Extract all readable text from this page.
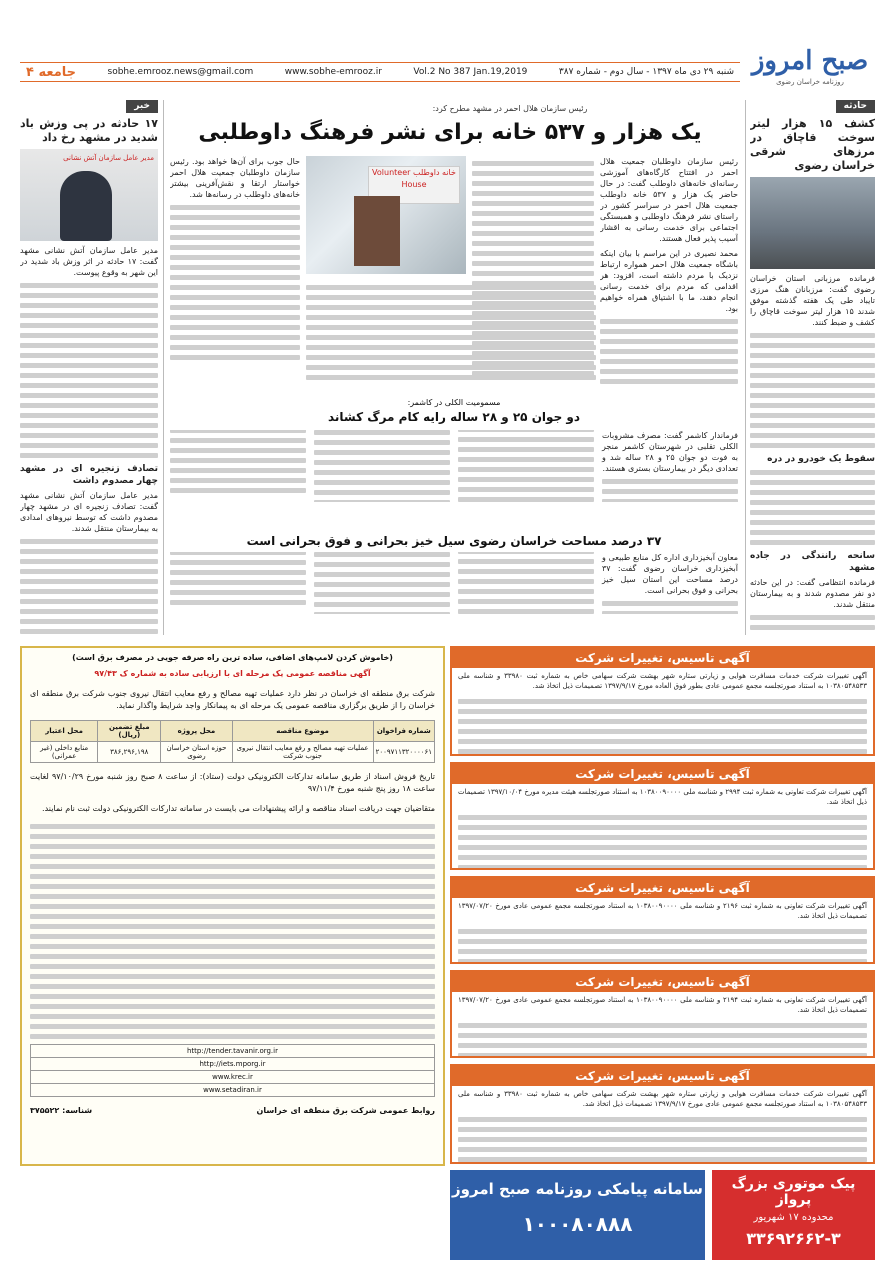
صبح امروز
روزنامه خراسان رضوی
شنبه ۲۹ دی ماه ۱۳۹۷ - سال دوم - شماره ۳۸۷
Vol.2 No 387 Jan.19,2019
www.sobhe-emrooz.ir
sobhe.emrooz.news@gmail.com
جامعه ۴
حادثه
کشف ۱۵ هزار لیتر سوخت قاچاق در مرزهای شرقی خراسان رضوی
فرمانده مرزبانی استان خراسان رضوی گفت: مرزبانان هنگ مرزی تایباد طی یک هفته گذشته موفق شدند ۱۵ هزار لیتر سوخت قاچاق را کشف و ضبط کنند.
سقوط یک خودرو در دره
سانحه رانندگی در جاده مشهد
فرمانده انتظامی گفت: در این حادثه دو نفر مصدوم شدند و به بیمارستان منتقل شدند.
رئیس سازمان هلال احمر در مشهد مطرح کرد:
یک هزار و ۵۳۷ خانه برای نشر فرهنگ داوطلبی
رئیس سازمان داوطلبان جمعیت هلال احمر در افتتاح کارگاه‌های آموزشی رسانه‌ای خانه‌های داوطلب گفت: در حال حاضر یک هزار و ۵۳۷ خانه داوطلب جمعیت هلال احمر در سراسر کشور در راستای نشر فرهنگ داوطلبی و همبستگی اجتماعی برای خدمت رسانی به اقشار آسیب پذیر فعال هستند.
محمد نصیری در این مراسم با بیان اینکه باشگاه جمعیت هلال احمر همواره ارتباط نزدیک با مردم داشته است، افزود: هر اقدامی که مردم برای خدمت رسانی انجام دهند، ما با اشتیاق همراه خواهیم بود.
خانه داوطلب Volunteer House
حال جوب برای آن‌ها خواهد بود. رئیس سازمان داوطلبان جمعیت هلال احمر خواستار ارتقا و نقش‌آفرینی بیشتر خانه‌های داوطلب در رسانه‌ها شد.
مسمومیت الکلی در کاشمر:
دو جوان ۲۵ و ۲۸ ساله رایه کام مرگ کشاند
فرماندار کاشمر گفت: مصرف مشروبات الکلی تقلبی در شهرستان کاشمر منجر به فوت دو جوان ۲۵ و ۲۸ ساله شد و تعدادی دیگر در بیمارستان بستری هستند.
۳۷ درصد مساحت خراسان رضوی سیل خیز بحرانی و فوق بحرانی است
معاون آبخیزداری اداره کل منابع طبیعی و آبخیزداری خراسان رضوی گفت: ۳۷ درصد مساحت این استان سیل خیز بحرانی و فوق بحرانی است.
خبر
۱۷ حادثه در پی وزش باد شدید در مشهد رخ داد
مدیر عامل سازمان آتش نشانی
مدیر عامل سازمان آتش نشانی مشهد گفت: ۱۷ حادثه در اثر وزش باد شدید در این شهر به وقوع پیوست.
تصادف زنجیره ای در مشهد چهار مصدوم داشت
مدیر عامل سازمان آتش نشانی مشهد گفت: تصادف زنجیره ای در مشهد چهار مصدوم داشت که توسط نیروهای امدادی به بیمارستان منتقل شدند.
(خاموش کردن لامپ‌های اضافی، ساده ترین راه صرفه جویی در مصرف برق است)
آگهی مناقصه عمومی یک مرحله ای با ارزیابی ساده به شماره ک ۹۷/۴۳
شرکت برق منطقه ای خراسان در نظر دارد عملیات تهیه مصالح و رفع معایب انتقال نیروی جنوب شرکت برق منطقه ای خراسان را از طریق برگزاری مناقصه عمومی یک مرحله ای به پیمانکار واجد شرایط واگذار نماید.
شماره فراخوان	موضوع مناقصه	محل پروژه	مبلغ تضمین (ریال)	محل اعتبار
۲۰۰۹۷۱۱۳۲۰۰۰۰۶۱	عملیات تهیه مصالح و رفع معایب انتقال نیروی جنوب شرکت	حوزه استان خراسان رضوی	۳۸۶,۲۹۶,۱۹۸	منابع داخلی (غیر عمرانی)
تاریخ فروش اسناد از طریق سامانه تدارکات الکترونیکی دولت (ستاد): از ساعت ۸ صبح روز شنبه مورخ ۹۷/۱۰/۲۹ لغایت ساعت ۱۸ روز پنج شنبه مورخ ۹۷/۱۱/۴
متقاضیان جهت دریافت اسناد مناقصه و ارائه پیشنهادات می بایست در سامانه تدارکات الکترونیکی دولت ثبت نام نمایند.
http://tender.tavanir.org.ir
http://iets.mporg.ir
www.krec.ir
www.setadiran.ir
روابط عمومی شرکت برق منطقه ای خراسان
شناسه: ۳۷۵۵۲۲
آگهی تاسیس، تغییرات شرکت
آگهی تغییرات شرکت خدمات مسافرت هوایی و زیارتی ستاره شهر بهشت شرکت سهامی خاص به شماره ثبت ۳۳۹۸۰ و شناسه ملی ۱۰۳۸۰۵۴۸۵۳۳ به استناد صورتجلسه مجمع عمومی عادی بطور فوق العاده مورخ ۱۳۹۷/۹/۱۷ تصمیمات ذیل اتخاذ شد.
آگهی تاسیس، تغییرات شرکت
آگهی تغییرات شرکت تعاونی به شماره ثبت ۲۹۹۴ و شناسه ملی ۱۰۳۸۰۰۹۰۰۰۰ به استناد صورتجلسه هیئت مدیره مورخ ۱۳۹۷/۱۰/۰۴ تصمیمات ذیل اتخاذ شد.
آگهی تاسیس، تغییرات شرکت
آگهی تغییرات شرکت تعاونی به شماره ثبت ۲۱۹۶ و شناسه ملی ۱۰۳۸۰۰۹۰۰۰۰ به استناد صورتجلسه مجمع عمومی عادی مورخ ۱۳۹۷/۰۷/۲۰ تصمیمات ذیل اتخاذ شد.
آگهی تاسیس، تغییرات شرکت
آگهی تغییرات شرکت تعاونی به شماره ثبت ۲۱۹۴ و شناسه ملی ۱۰۳۸۰۰۹۰۰۰۰ به استناد صورتجلسه مجمع عمومی عادی مورخ ۱۳۹۷/۰۷/۲۰ تصمیمات ذیل اتخاذ شد.
آگهی تاسیس، تغییرات شرکت
آگهی تغییرات شرکت خدمات مسافرت هوایی و زیارتی ستاره شهر بهشت شرکت سهامی خاص به شماره ثبت ۳۳۹۸۰ و شناسه ملی ۱۰۳۸۰۵۴۸۵۳۳ به استناد صورتجلسه مجمع عمومی عادی مورخ ۱۳۹۷/۹/۱۷ تصمیمات ذیل اتخاذ شد.
سامانه پیامکی روزنامه صبح امروز
۱۰۰۰۸۰۸۸۸
پیک موتوری بزرگ پرواز
محدوده ۱۷ شهریور
۳۳۶۹۲۶۶۲-۳
